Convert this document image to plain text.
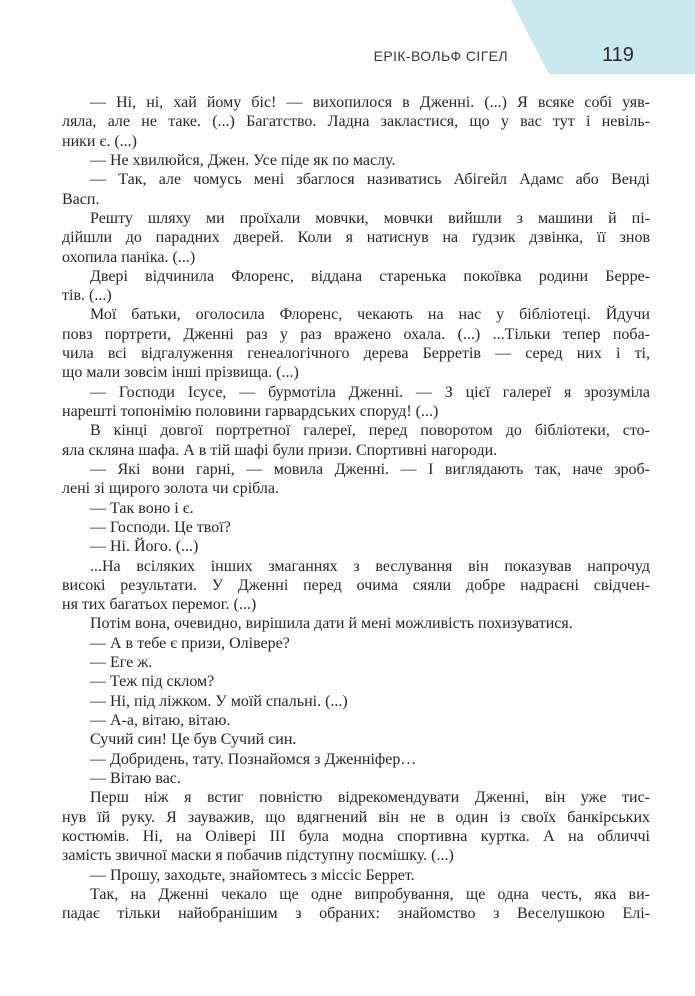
ЕРІК-ВОЛЬФ СІГЕЛ	119
— Ні, ні, хай йому біс! — вихопилося в Дженні. (...) Я всяке собі уяв-
ляла, але не таке. (...) Багатство. Ладна закластися, що у вас тут і невіль-
ники є. (...)
— Не хвилюйся, Джен. Усе піде як по маслу.
— Так, але чомусь мені збаглося називатись Абігейл Адамс або Венді
Васп.
Решту шляху ми проїхали мовчки, мовчки вийшли з машини й пі-
дійшли до парадних дверей. Коли я натиснув на ґудзик дзвінка, її знов
охопила паніка. (...)
Двері відчинила Флоренс, віддана старенька покоївка родини Берре-
тів. (...)
Мої батьки, оголосила Флоренс, чекають на нас у бібліотеці. Йдучи
повз портрети, Дженні раз у раз вражено охала. (...) ...Тільки тепер поба-
чила всі відгалуження генеалогічного дерева Берретів — серед них і ті,
що мали зовсім інші прізвища. (...)
— Господи Ісусе, — бурмотіла Дженні. — З цієї галереї я зрозуміла
нарешті топонімію половини гарвардських споруд! (...)
В кінці довгої портретної галереї, перед поворотом до бібліотеки, сто-
яла скляна шафа. А в тій шафі були призи. Спортивні нагороди.
— Які вони гарні, — мовила Дженні. — І виглядають так, наче зроб-
лені зі щирого золота чи срібла.
— Так воно і є.
— Господи. Це твої?
— Ні. Його. (...)
...На всіляких інших змаганнях з веслування він показував напрочуд
високі результати. У Дженні перед очима сяяли добре надраєні свідчен-
ня тих багатьох перемог. (...)
Потім вона, очевидно, вирішила дати й мені можливість похизуватися.
— А в тебе є призи, Олівере?
— Еге ж.
— Теж під склом?
— Ні, під ліжком. У моїй спальні. (...)
— А-а, вітаю, вітаю.
Сучий син! Це був Сучий син.
— Добридень, тату. Познайомся з Дженніфер…
— Вітаю вас.
Перш ніж я встиг повністю відрекомендувати Дженні, він уже тис-
нув їй руку. Я зауважив, що вдягнений він не в один із своїх банкірських
костюмів. Ні, на Олівері III була модна спортивна куртка. А на обличчі
замість звичної маски я побачив підступну посмішку. (...)
— Прошу, заходьте, знайомтесь з міссіс Беррет.
Так, на Дженні чекало ще одне випробування, ще одна честь, яка ви-
падає тільки найобранішим з обраних: знайомство з Веселушкою Елі-
